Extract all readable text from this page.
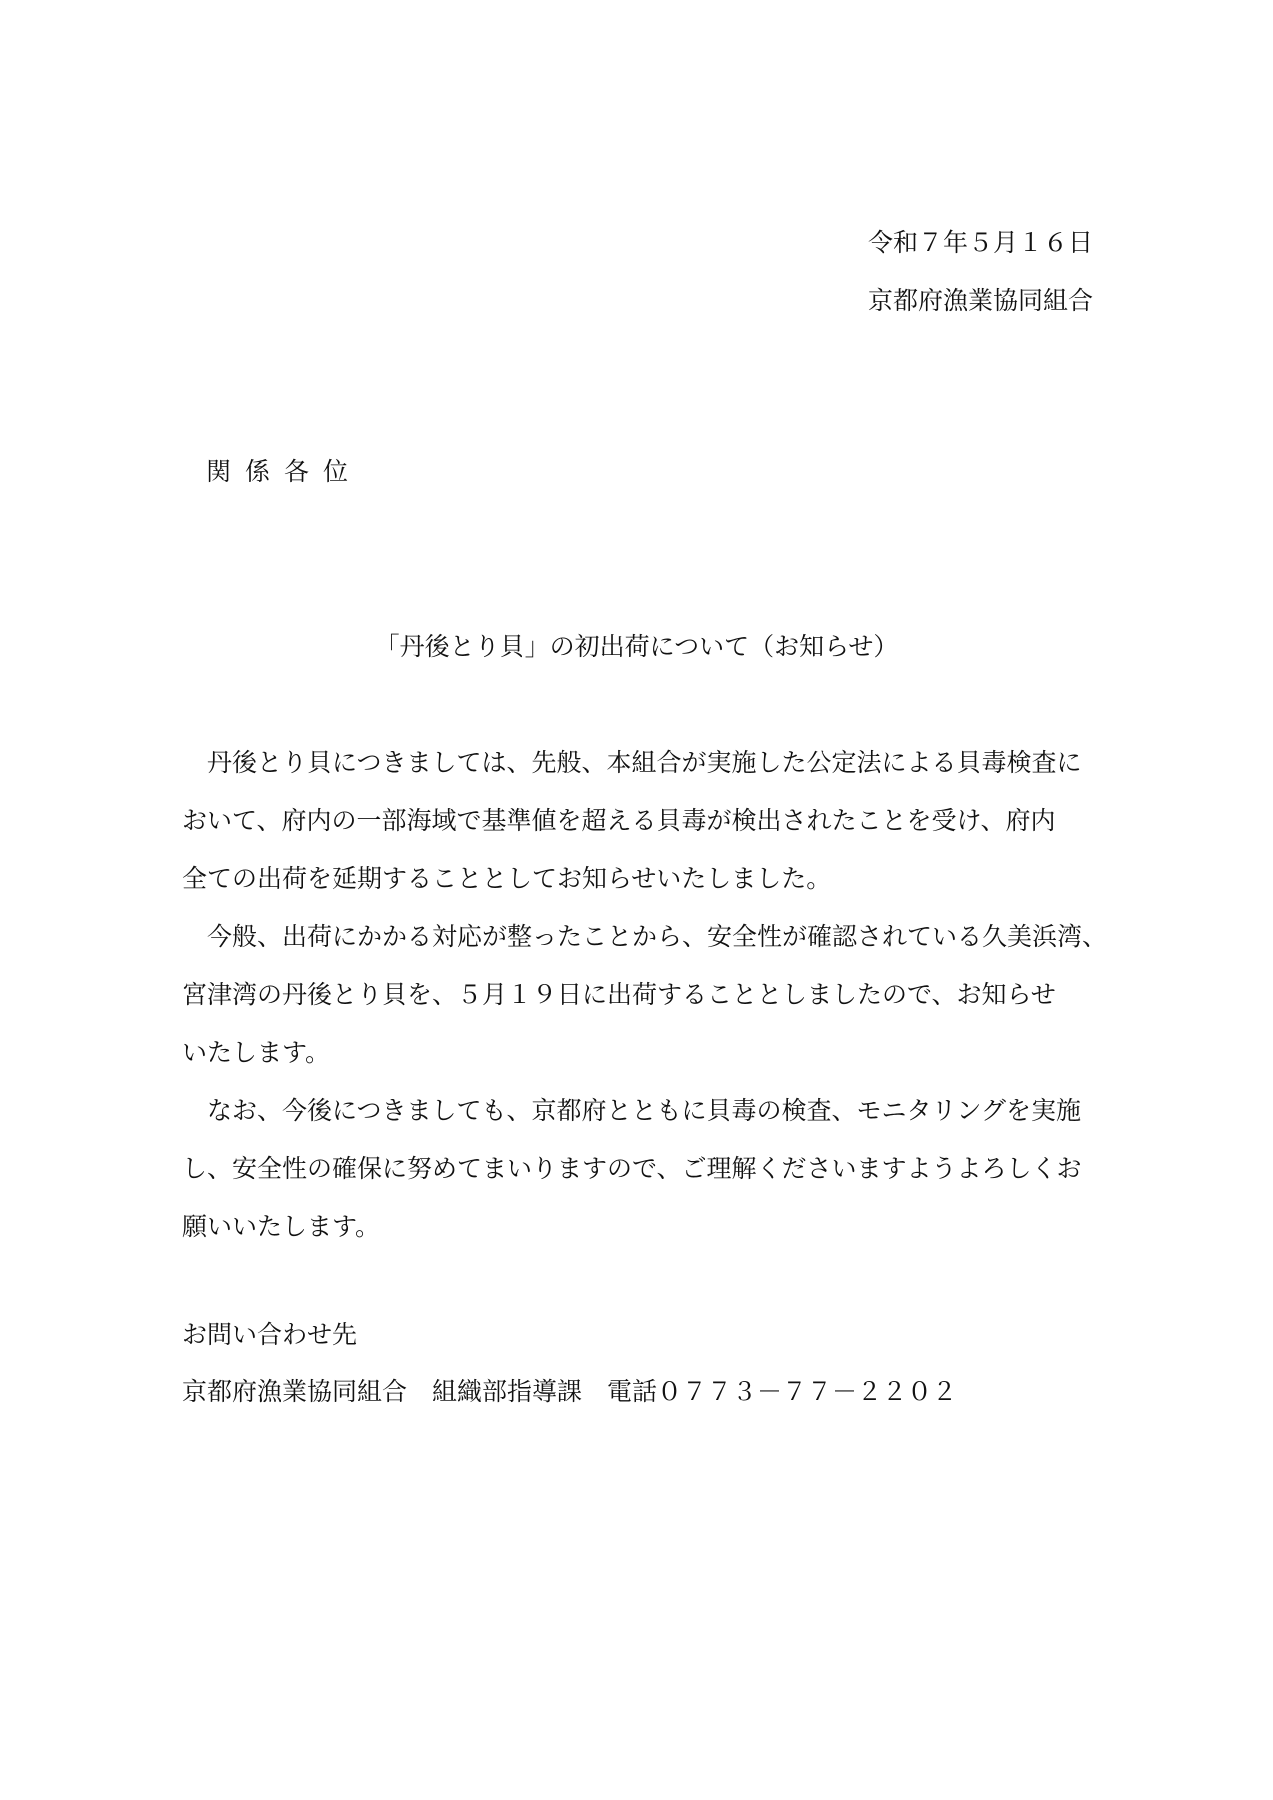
令和７年５月１６日
京都府漁業協同組合
関係各位
「丹後とり貝」の初出荷について（お知らせ）
　丹後とり貝につきましては、先般、本組合が実施した公定法による貝毒検査に
おいて、府内の一部海域で基準値を超える貝毒が検出されたことを受け、府内
全ての出荷を延期することとしてお知らせいたしました。
　今般、出荷にかかる対応が整ったことから、安全性が確認されている久美浜湾、
宮津湾の丹後とり貝を、５月１９日に出荷することとしましたので、お知らせ
いたします。
　なお、今後につきましても、京都府とともに貝毒の検査、モニタリングを実施
し、安全性の確保に努めてまいりますので、ご理解くださいますようよろしくお
願いいたします。
お問い合わせ先
京都府漁業協同組合　組織部指導課　電話０７７３－７７－２２０２
